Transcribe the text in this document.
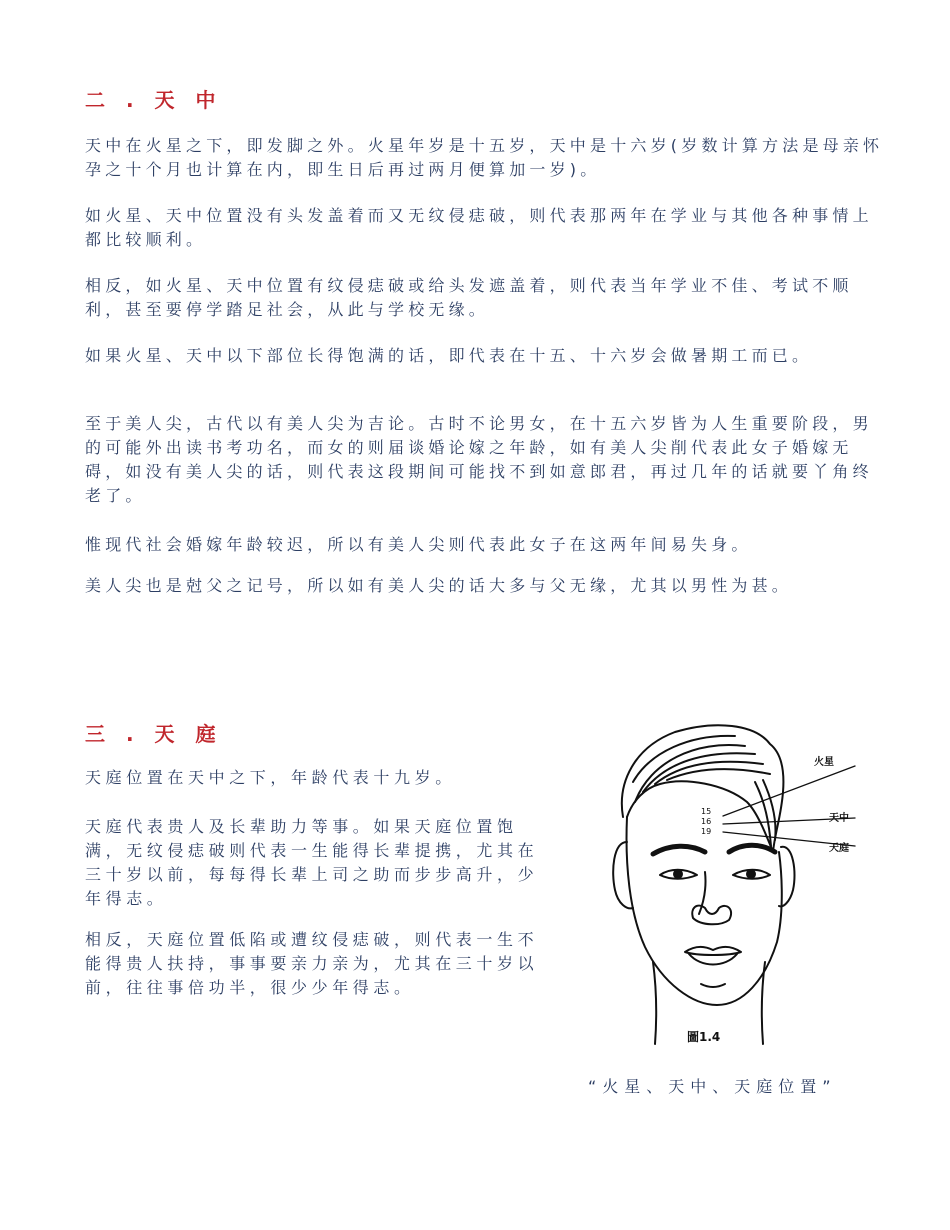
二 . 天 中

天中在火星之下，即发脚之外。火星年岁是十五岁，天中是十六岁(岁数计算方法是母亲怀孕之十个月也计算在内，即生日后再过两月便算加一岁)。

如火星、天中位置没有头发盖着而又无纹侵痣破，则代表那两年在学业与其他各种事情上都比较顺利。

相反，如火星、天中位置有纹侵痣破或给头发遮盖着，则代表当年学业不佳、考试不顺利，甚至要停学踏足社会，从此与学校无缘。

如果火星、天中以下部位长得饱满的话，即代表在十五、十六岁会做暑期工而已。

至于美人尖，古代以有美人尖为吉论。古时不论男女，在十五六岁皆为人生重要阶段，男的可能外出读书考功名，而女的则届谈婚论嫁之年龄，如有美人尖削代表此女子婚嫁无碍，如没有美人尖的话，则代表这段期间可能找不到如意郎君，再过几年的话就要丫角终老了。

惟现代社会婚嫁年龄较迟，所以有美人尖则代表此女子在这两年间易失身。

美人尖也是尅父之记号，所以如有美人尖的话大多与父无缘，尤其以男性为甚。

三 . 天 庭

天庭位置在天中之下，年龄代表十九岁。

天庭代表贵人及长辈助力等事。如果天庭位置饱满，无纹侵痣破则代表一生能得长辈提携，尤其在三十岁以前，每每得长辈上司之助而步步高升，少年得志。

相反，天庭位置低陷或遭纹侵痣破，则代表一生不能得贵人扶持，事事要亲力亲为，尤其在三十岁以前，往往事倍功半，很少少年得志。

火星
天中
天庭
15
16
19
圖1.4

“火星、天中、天庭位置”
